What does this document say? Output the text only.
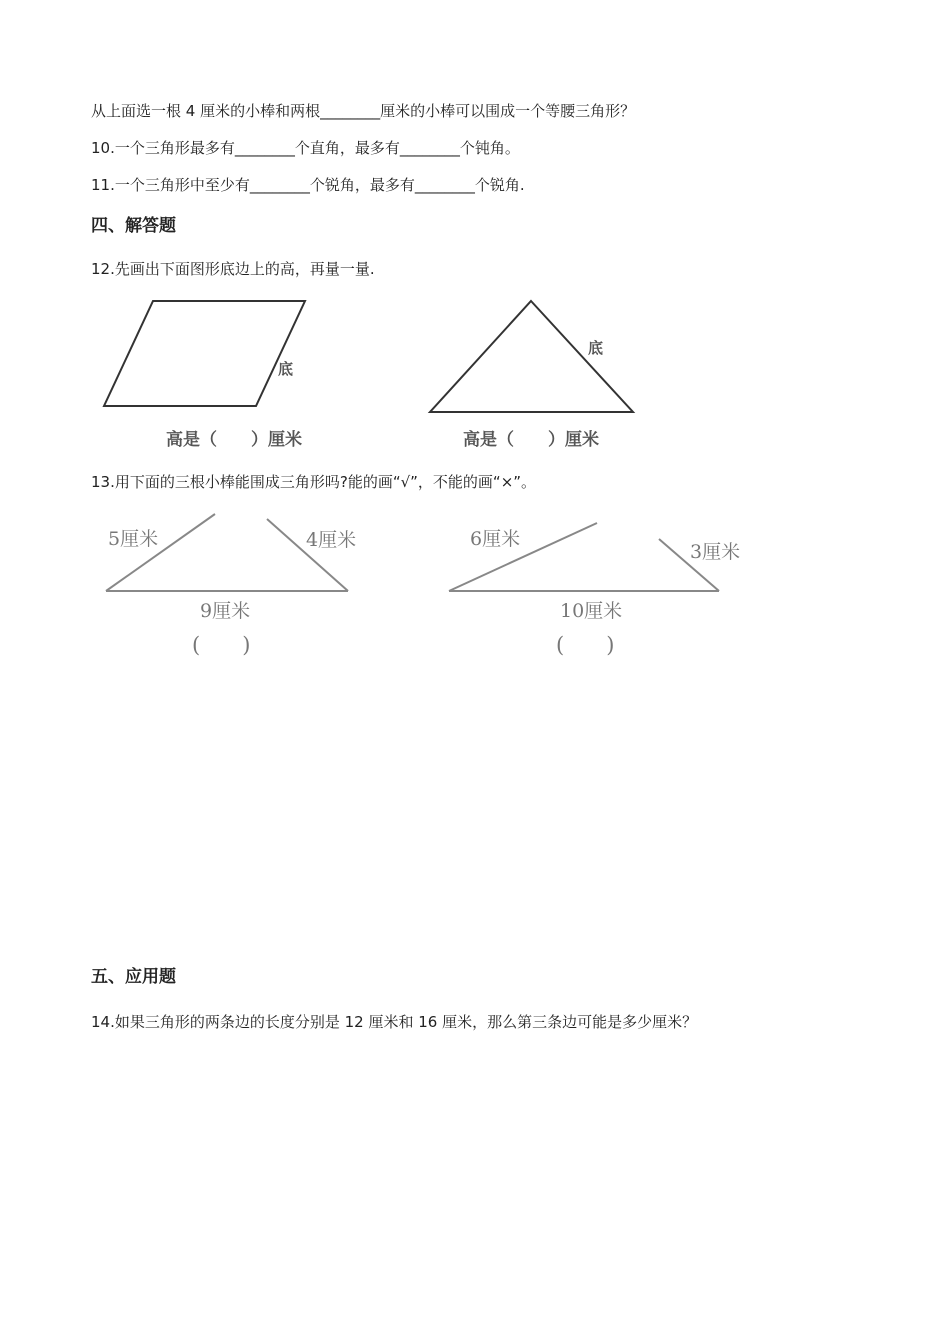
从上面选一根 4 厘米的小棒和两根________厘米的小棒可以围成一个等腰三角形？
10.一个三角形最多有________个直角，最多有________个钝角。
11.一个三角形中至少有________个锐角，最多有________个锐角.
四、解答题
12.先画出下面图形底边上的高，再量一量.
底
高是（　　）厘米
底
高是（　　）厘米
5厘米	4厘米
9厘米
(　　)
6厘米
3厘米
10厘米
(　　)
13.用下面的三根小棒能围成三角形吗?能的画“√”，不能的画“×”。
五、应用题
14.如果三角形的两条边的长度分别是 12 厘米和 16 厘米，那么第三条边可能是多少厘米？
